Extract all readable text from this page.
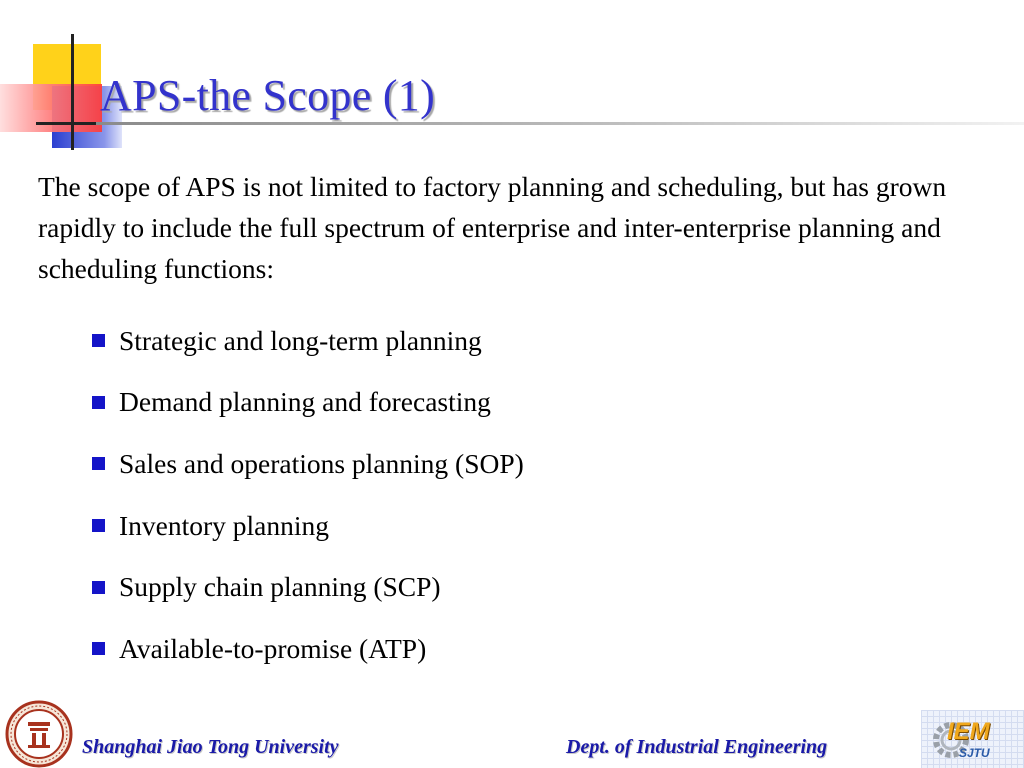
APS-the Scope (1)

The scope of APS is not limited to factory planning and scheduling, but has grown rapidly to include the full spectrum of enterprise and inter-enterprise planning and scheduling functions:

Strategic and long-term planning
Demand planning and forecasting
Sales and operations planning (SOP)
Inventory planning
Supply chain planning (SCP)
Available-to-promise (ATP)
Shanghai Jiao Tong University	Dept. of Industrial Engineering
IEM
SJTU
